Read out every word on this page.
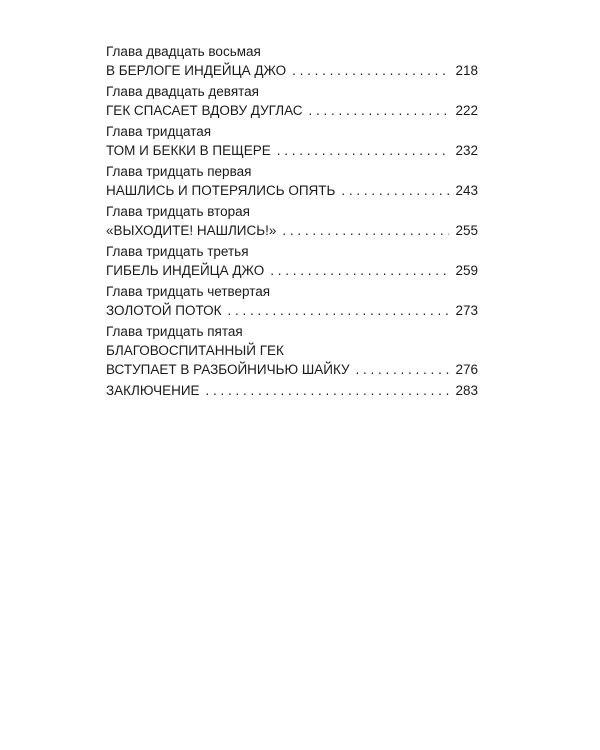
Глава двадцать восьмая
В БЕРЛОГЕ ИНДЕЙЦА ДЖО . . .	218
Глава двадцать девятая
ГЕК СПАСАЕТ ВДОВУ ДУГЛАС . . .	222
Глава тридцатая
ТОМ И БЕККИ В ПЕЩЕРЕ . . .	232
Глава тридцать первая
НАШЛИСЬ И ПОТЕРЯЛИСЬ ОПЯТЬ . . .	243
Глава тридцать вторая
«ВЫХОДИТЕ! НАШЛИСЬ!» . . .	255
Глава тридцать третья
ГИБЕЛЬ ИНДЕЙЦА ДЖО . . .	259
Глава тридцать четвертая
ЗОЛОТОЙ ПОТОК . . .	273
Глава тридцать пятая
БЛАГОВОСПИТАННЫЙ ГЕК
ВСТУПАЕТ В РАЗБОЙНИЧЬЮ ШАЙКУ . . .	276
ЗАКЛЮЧЕНИЕ . . .	283
